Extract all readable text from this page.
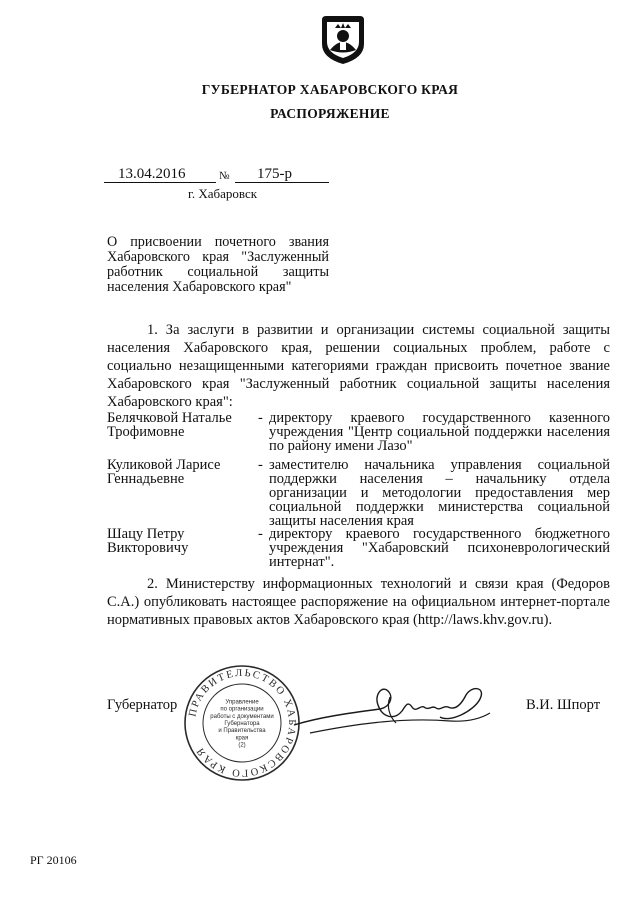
ГУБЕРНАТОР ХАБАРОВСКОГО КРАЯ
РАСПОРЯЖЕНИЕ
13.04.2016	№ 175-р
г. Хабаровск
О присвоении почетного звания
Хабаровского края "Заслуженный
работник социальной защиты
населения Хабаровского края"
1. За заслуги в развитии и организации системы социальной защиты населения Хабаровского края, решении социальных проблем, работе с социально незащищенными категориями граждан присвоить почетное звание Хабаровского края "Заслуженный работник социальной защиты населения Хабаровского края":
Белячковой Наталье Трофимовне
- директору краевого государственного казенного учреждения "Центр социальной поддержки населения по району имени Лазо"
Куликовой Ларисе Геннадьевне
- заместителю начальника управления социальной поддержки населения – начальнику отдела организации и методологии предоставления мер социальной поддержки министерства социальной защиты населения края
Шацу Петру Викторовичу
- директору краевого государственного бюджетного учреждения "Хабаровский психоневрологический интернат".
2. Министерству информационных технологий и связи края (Федоров С.А.) опубликовать настоящее распоряжение на официальном интернет-портале нормативных правовых актов Хабаровского края (http://laws.khv.gov.ru).
Губернатор ПРАВИТЕЛЬСТВО ХАБАРОВСКОГО КРАЯ
Управление
по организации
работы с документами
Губернатора
и Правительства
края
(2)
В.И. Шпорт
РГ 20106
